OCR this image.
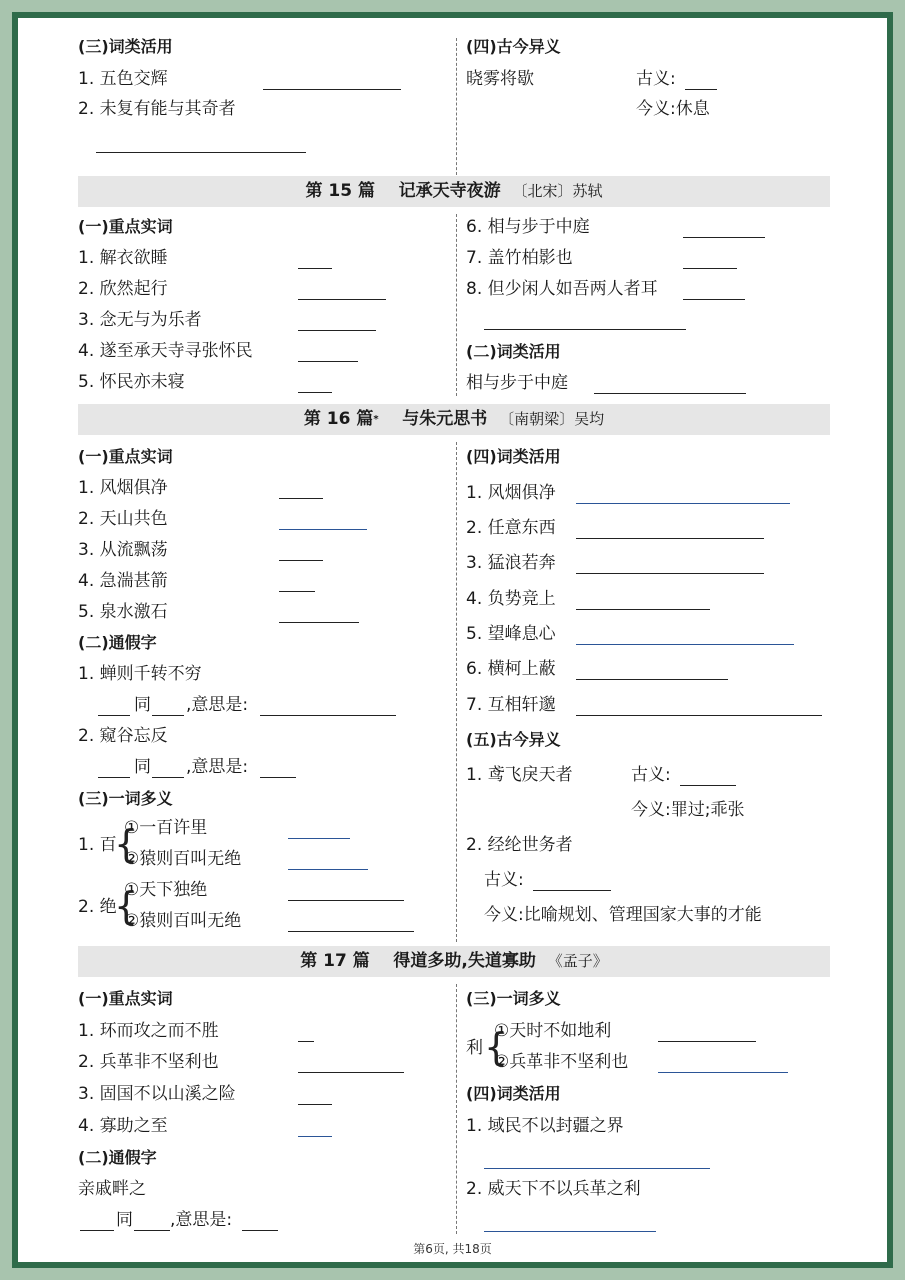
(三)词类活用
1. 五色交辉
2. 未复有能与其奇者
(四)古今异义
晓雾将歇	古义:
今义:休息
第 15 篇 记承天寺夜游 〔北宋〕苏轼
(一)重点实词
1. 解衣欲睡
2. 欣然起行
3. 念无与为乐者
4. 遂至承天寺寻张怀民
5. 怀民亦未寝
6. 相与步于中庭
7. 盖竹柏影也
8. 但少闲人如吾两人者耳
(二)词类活用
相与步于中庭
第 16 篇* 与朱元思书 〔南朝梁〕吴均
(一)重点实词
1. 风烟俱净
2. 天山共色
3. 从流飘荡
4. 急湍甚箭
5. 泉水激石
(二)通假字
1. 蝉则千转不穷
同 ,意思是:
2. 窥谷忘反
同 ,意思是:
(三)一词多义
1. 百
{
①一百许里
②猿则百叫无绝
2. 绝
{
①天下独绝
②猿则百叫无绝
(四)词类活用
1. 风烟俱净
2. 任意东西
3. 猛浪若奔
4. 负势竞上
5. 望峰息心
6. 横柯上蔽
7. 互相轩邈
(五)古今异义
1. 鸢飞戾天者	古义:
今义:罪过;乖张
2. 经纶世务者
古义:
今义:比喻规划、管理国家大事的才能
第 17 篇 得道多助,失道寡助 《孟子》
(一)重点实词
1. 环而攻之而不胜
2. 兵革非不坚利也
3. 固国不以山溪之险
4. 寡助之至
(二)通假字
亲戚畔之
同 ,意思是:
(三)一词多义
利 {
①天时不如地利
②兵革非不坚利也
(四)词类活用
1. 域民不以封疆之界
2. 威天下不以兵革之利
第6页, 共18页
